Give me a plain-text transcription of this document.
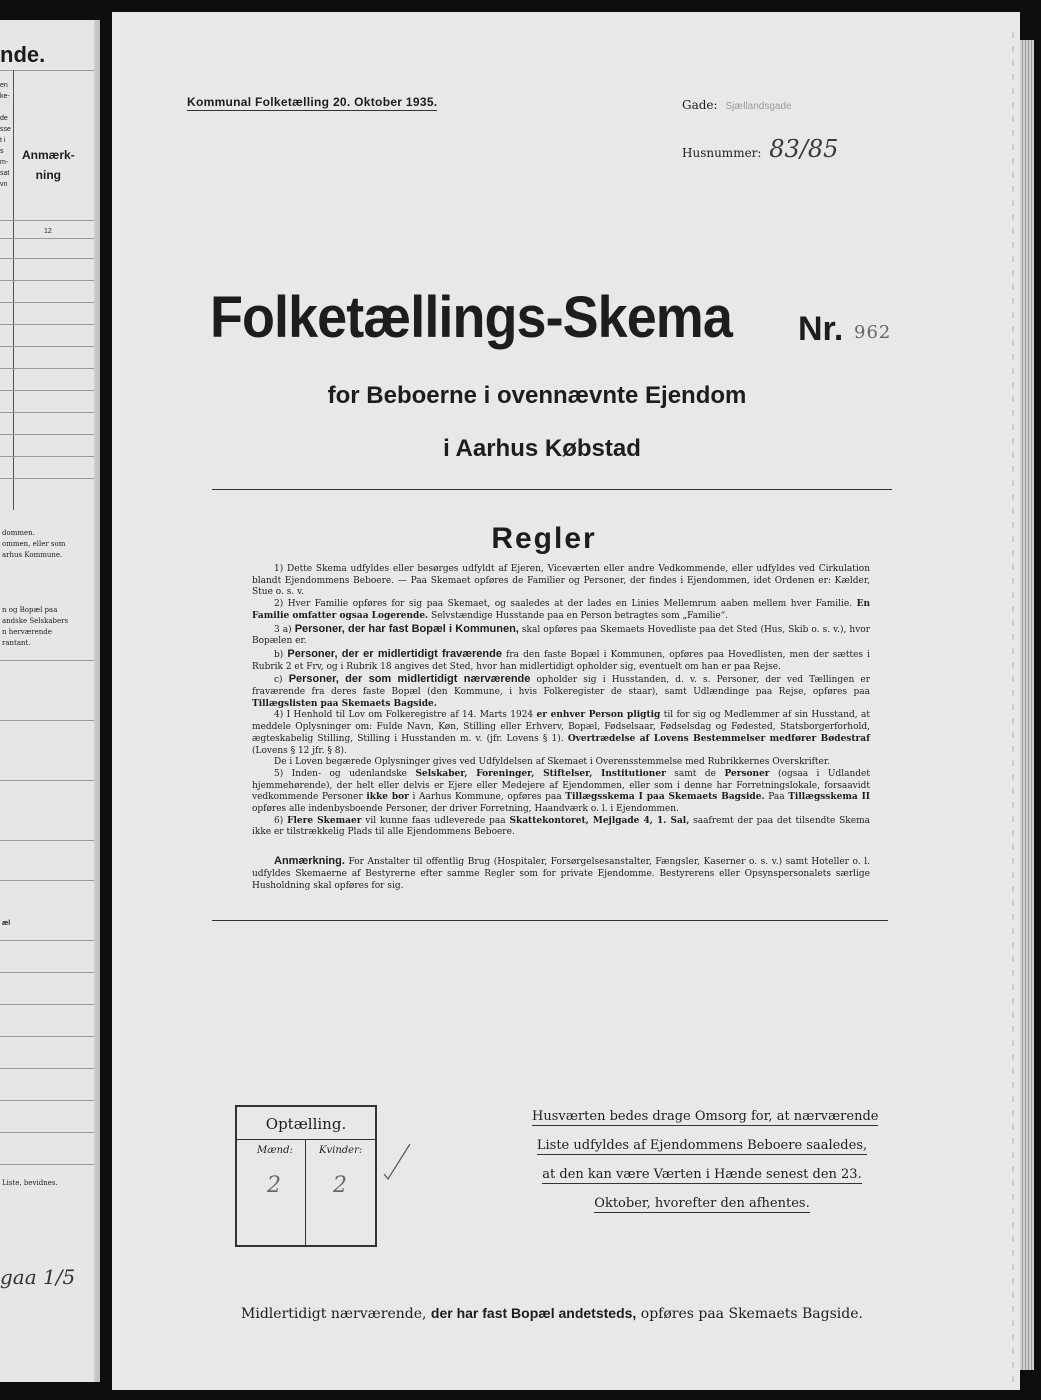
nde.
en
ke-

de
sse
t i
s
m-
sat
vn
Anmærk-
ning
12
dommen.
ommen, eller som
arhus Kommune.
n og Bopæl paa
andske Selskabers
n herværende
rantant.
æl
Liste, bevidnes.
gaa 1/5
Kommunal Folketælling 20. Oktober 1935.	Gade: Sjællandsgade
Husnummer: 83/85
Folketællings-Skema Nr. 962
for Beboerne i ovennævnte Ejendom
i Aarhus Købstad
Regler

1) Dette Skema udfyldes eller besørges udfyldt af Ejeren, Viceværten eller andre Vedkommende, eller udfyldes ved Cirkulation blandt Ejendommens Beboere. — Paa Skemaet opføres de Familier og Personer, der findes i Ejendommen, idet Ordenen er: Kælder, Stue o. s. v.

2) Hver Familie opføres for sig paa Skemaet, og saaledes at der lades en Linies Mellemrum aaben mellem hver Familie. En Familie omfatter ogsaa Logerende. Selvstændige Husstande paa en Person betragtes som „Familie“.

3 a) Personer, der har fast Bopæl i Kommunen, skal opføres paa Skemaets Hovedliste paa det Sted (Hus, Skib o. s. v.), hvor Bopælen er.

b) Personer, der er midlertidigt fraværende fra den faste Bopæl i Kommunen, opføres paa Hovedlisten, men der sættes i Rubrik 2 et Frv, og i Rubrik 18 angives det Sted, hvor han midlertidigt opholder sig, eventuelt om han er paa Rejse.

c) Personer, der som midlertidigt nærværende opholder sig i Husstanden, d. v. s. Personer, der ved Tællingen er fraværende fra deres faste Bopæl (den Kommune, i hvis Folkeregister de staar), samt Udlændinge paa Rejse, opføres paa Tillægslisten paa Skemaets Bagside.

4) I Henhold til Lov om Folkeregistre af 14. Marts 1924 er enhver Person pligtig til for sig og Medlemmer af sin Husstand, at meddele Oplysninger om: Fulde Navn, Køn, Stilling eller Erhverv, Bopæl, Fødselsaar, Fødselsdag og Fødested, Statsborgerforhold, ægteskabelig Stilling, Stilling i Husstanden m. v. (jfr. Lovens § 1). Overtrædelse af Lovens Bestemmelser medfører Bødestraf (Lovens § 12 jfr. § 8).

De i Loven begærede Oplysninger gives ved Udfyldelsen af Skemaet i Overensstemmelse med Rubrikkernes Overskrifter.

5) Inden- og udenlandske Selskaber, Foreninger, Stiftelser, Institutioner samt de Personer (ogsaa i Udlandet hjemmehørende), der helt eller delvis er Ejere eller Medejere af Ejendommen, eller som i denne har Forretningslokale, forsaavidt vedkommende Personer ikke bor i Aarhus Kommune, opføres paa Tillægsskema I paa Skemaets Bagside. Paa Tillægsskema II opføres alle indenbysboende Personer, der driver Forretning, Haandværk o. l. i Ejendommen.

6) Flere Skemaer vil kunne faas udleverede paa Skattekontoret, Mejlgade 4, 1. Sal, saafremt der paa det tilsendte Skema ikke er tilstrækkelig Plads til alle Ejendommens Beboere.

Anmærkning. For Anstalter til offentlig Brug (Hospitaler, Forsørgelsesanstalter, Fængsler, Kaserner o. s. v.) samt Hoteller o. l. udfyldes Skemaerne af Bestyrerne efter samme Regler som for private Ejendomme. Bestyrerens eller Opsynspersonalets særlige Husholdning skal opføres for sig.
Optælling.
Mænd:	Kvinder:
2 2
Husværten bedes drage Omsorg for, at nærværende Liste udfyldes af Ejendommens Beboere saaledes, at den kan være Værten i Hænde senest den 23. Oktober, hvorefter den afhentes.
Midlertidigt nærværende, der har fast Bopæl andetsteds, opføres paa Skemaets Bagside.
